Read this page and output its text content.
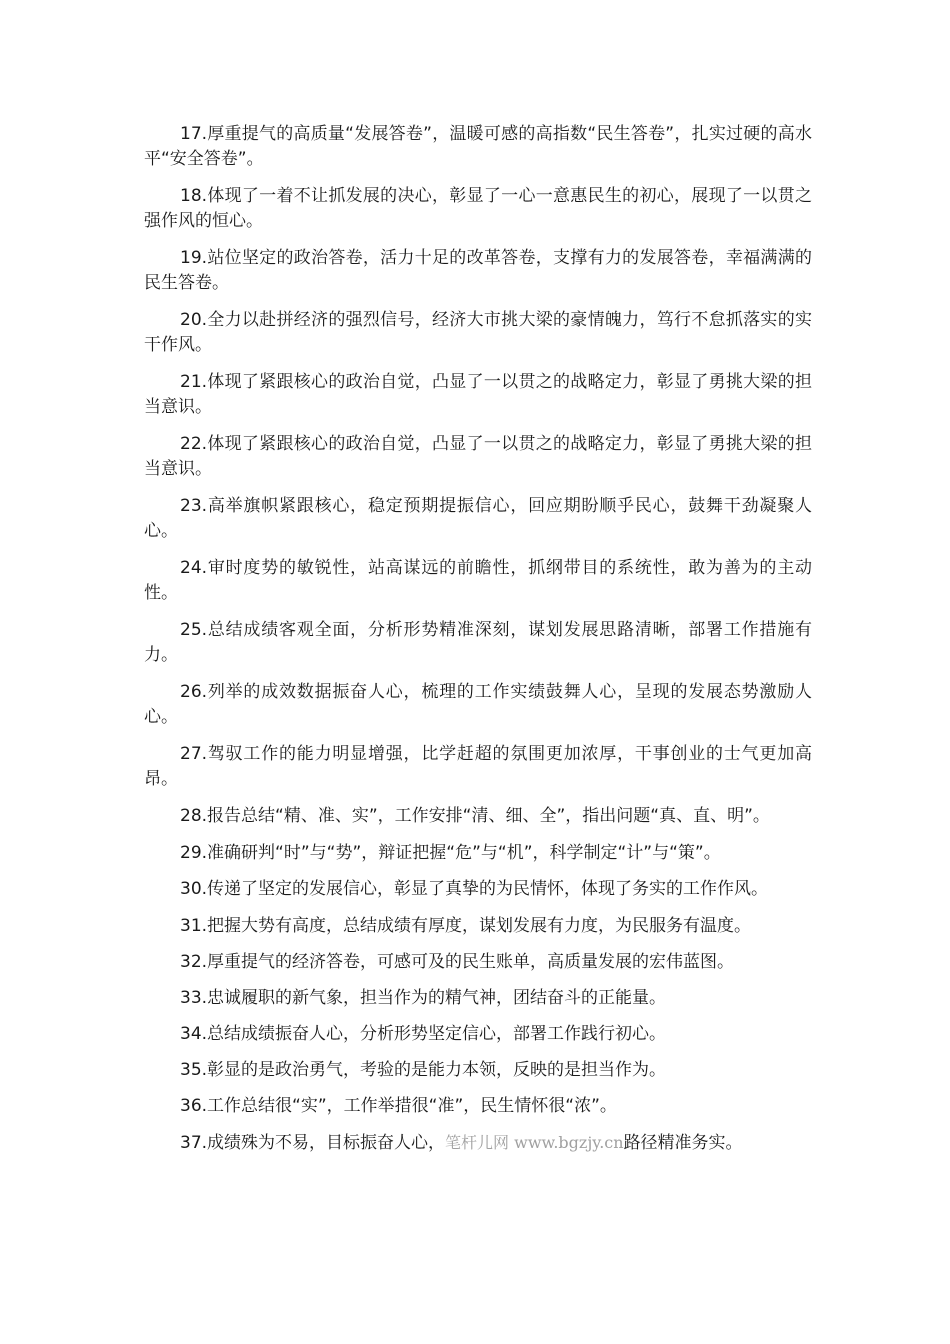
17.厚重提气的高质量“发展答卷”，温暖可感的高指数“民生答卷”，扎实过硬的高水平“安全答卷”。

18.体现了一着不让抓发展的决心，彰显了一心一意惠民生的初心，展现了一以贯之强作风的恒心。

19.站位坚定的政治答卷，活力十足的改革答卷，支撑有力的发展答卷，幸福满满的民生答卷。

20.全力以赴拼经济的强烈信号，经济大市挑大梁的豪情魄力，笃行不怠抓落实的实干作风。

21.体现了紧跟核心的政治自觉，凸显了一以贯之的战略定力，彰显了勇挑大梁的担当意识。

22.体现了紧跟核心的政治自觉，凸显了一以贯之的战略定力，彰显了勇挑大梁的担当意识。

23.高举旗帜紧跟核心，稳定预期提振信心，回应期盼顺乎民心，鼓舞干劲凝聚人心。

24.审时度势的敏锐性，站高谋远的前瞻性，抓纲带目的系统性，敢为善为的主动性。

25.总结成绩客观全面，分析形势精准深刻，谋划发展思路清晰，部署工作措施有力。

26.列举的成效数据振奋人心，梳理的工作实绩鼓舞人心，呈现的发展态势激励人心。

27.驾驭工作的能力明显增强，比学赶超的氛围更加浓厚，干事创业的士气更加高昂。

28.报告总结“精、准、实”，工作安排“清、细、全”，指出问题“真、直、明”。

29.准确研判“时”与“势”，辩证把握“危”与“机”，科学制定“计”与“策”。

30.传递了坚定的发展信心，彰显了真挚的为民情怀，体现了务实的工作作风。

31.把握大势有高度，总结成绩有厚度，谋划发展有力度，为民服务有温度。

32.厚重提气的经济答卷，可感可及的民生账单，高质量发展的宏伟蓝图。

33.忠诚履职的新气象，担当作为的精气神，团结奋斗的正能量。

34.总结成绩振奋人心，分析形势坚定信心，部署工作践行初心。

35.彰显的是政治勇气，考验的是能力本领，反映的是担当作为。

36.工作总结很“实”，工作举措很“准”，民生情怀很“浓”。

37.成绩殊为不易，目标振奋人心，笔杆儿网 www.bgzjy.cn路径精准务实。
